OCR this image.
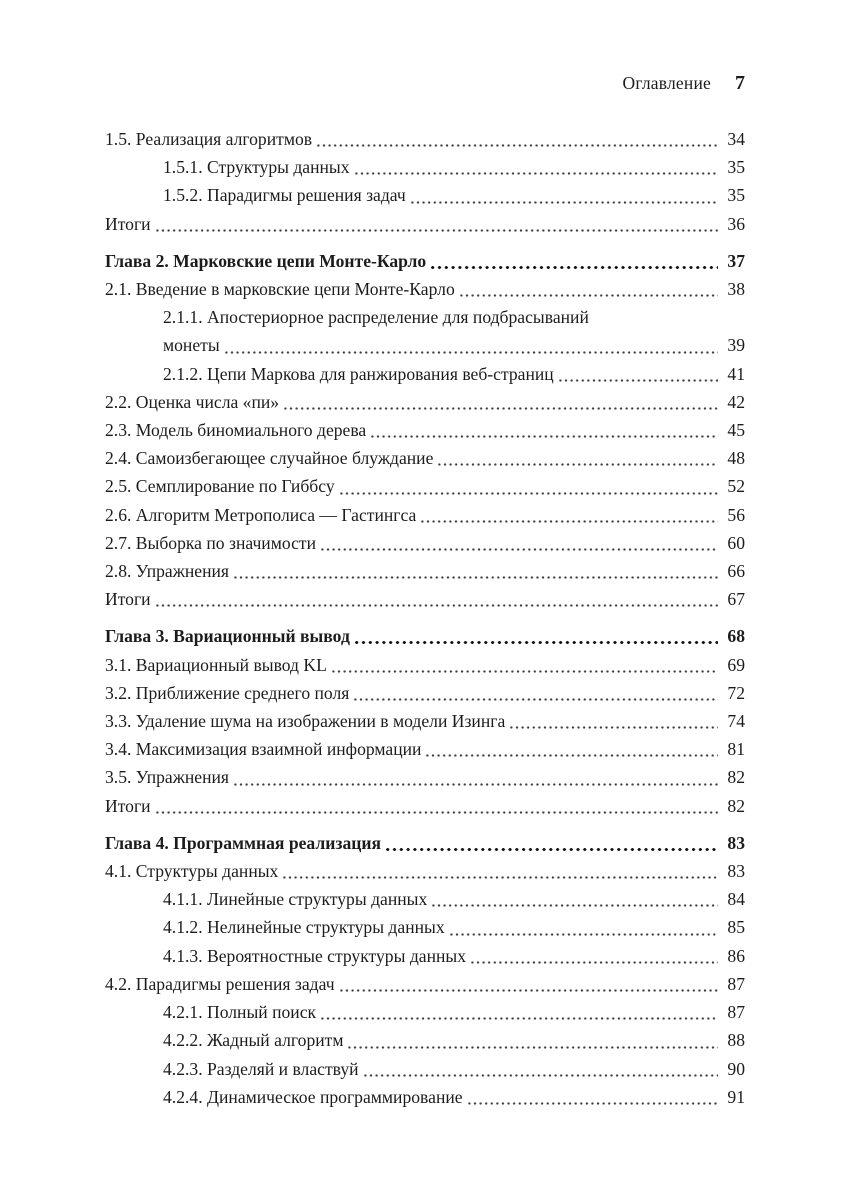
Оглавление 7
1.5. Реализация алгоритмов	34
1.5.1. Структуры данных	35
1.5.2. Парадигмы решения задач	35
Итоги	36
Глава 2. Марковские цепи Монте-Карло	37
2.1. Введение в марковские цепи Монте-Карло	38
2.1.1. Апостериорное распределение для подбрасываний
монеты	39
2.1.2. Цепи Маркова для ранжирования веб-страниц	41
2.2. Оценка числа «пи»	42
2.3. Модель биномиального дерева	45
2.4. Самоизбегающее случайное блуждание	48
2.5. Семплирование по Гиббсу	52
2.6. Алгоритм Метрополиса — Гастингса	56
2.7. Выборка по значимости	60
2.8. Упражнения	66
Итоги	67
Глава 3. Вариационный вывод	68
3.1. Вариационный вывод KL	69
3.2. Приближение среднего поля	72
3.3. Удаление шума на изображении в модели Изинга	74
3.4. Максимизация взаимной информации	81
3.5. Упражнения	82
Итоги	82
Глава 4. Программная реализация	83
4.1. Структуры данных	83
4.1.1. Линейные структуры данных	84
4.1.2. Нелинейные структуры данных	85
4.1.3. Вероятностные структуры данных	86
4.2. Парадигмы решения задач	87
4.2.1. Полный поиск	87
4.2.2. Жадный алгоритм	88
4.2.3. Разделяй и властвуй	90
4.2.4. Динамическое программирование	91
